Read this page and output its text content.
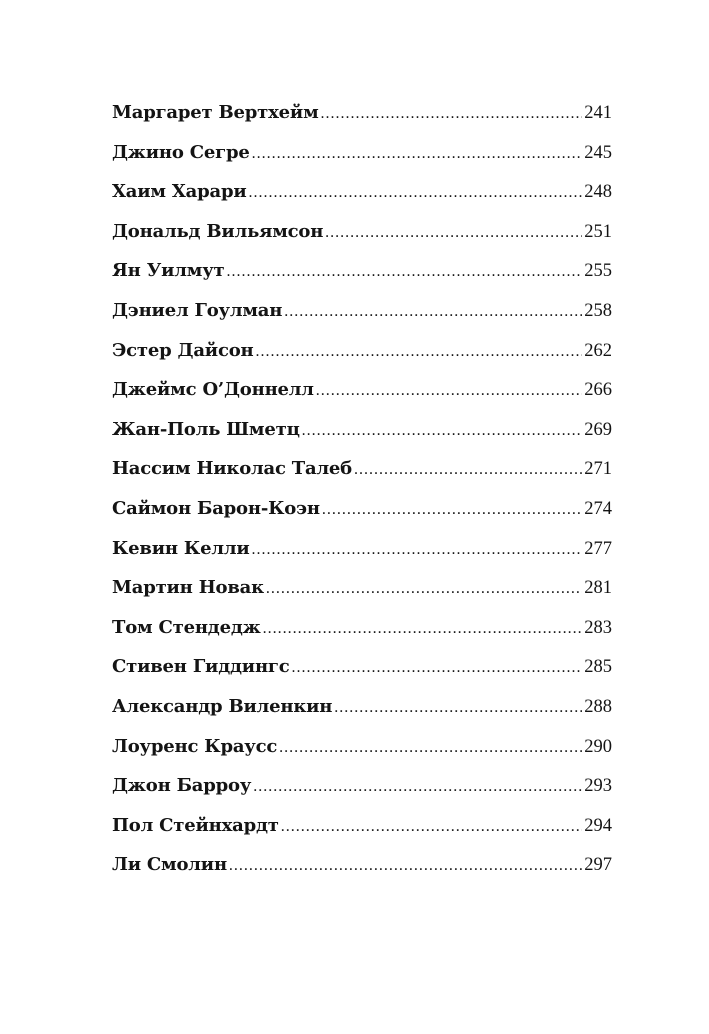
Маргарет Вертхейм .....	241
Джино Сегре .....	245
Хаим Харари .....	248
Дональд Вильямсон .....	251
Ян Уилмут .....	255
Дэниел Гоулман .....	258
Эстер Дайсон .....	262
Джеймс О’Доннелл .....	266
Жан-Поль Шметц .....	269
Нассим Николас Талеб .....	271
Саймон Барон-Коэн .....	274
Кевин Келли .....	277
Мартин Новак .....	281
Том Стендедж .....	283
Стивен Гиддингс .....	285
Александр Виленкин .....	288
Лоуренс Краусс .....	290
Джон Барроу .....	293
Пол Стейнхардт .....	294
Ли Смолин .....	297
